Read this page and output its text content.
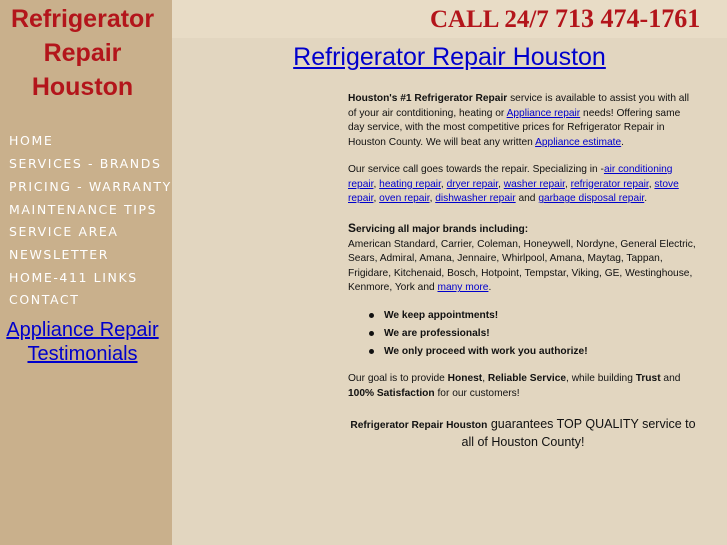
Refrigerator
Repair
Houston
HOME
SERVICES - BRANDS
PRICING - WARRANTY
MAINTENANCE TIPS
SERVICE AREA
NEWSLETTER
HOME-411 LINKS
CONTACT
Appliance Repair
Testimonials
CALL 24/7 713 474-1761
Refrigerator Repair Houston
Houston's #1 Refrigerator Repair service is available to assist you with all of your air contditioning, heating or Appliance repair needs! Offering same day service, with the most competitive prices for Refrigerator Repair in Houston County. We will beat any written Appliance estimate.
Our service call goes towards the repair. Specializing in -air conditioning repair, heating repair, dryer repair, washer repair, refrigerator repair, stove repair, oven repair, dishwasher repair and garbage disposal repair.
Servicing all major brands including:
American Standard, Carrier, Coleman, Honeywell, Nordyne, General Electric, Sears, Admiral, Amana, Jennaire, Whirlpool, Amana, Maytag, Tappan, Frigidare, Kitchenaid, Bosch, Hotpoint, Tempstar, Viking, GE, Westinghouse, Kenmore, York and many more.
We keep appointments!
We are professionals!
We only proceed with work you authorize!
Our goal is to provide Honest, Reliable Service, while building Trust and 100% Satisfaction for our customers!
Refrigerator Repair Houston guarantees TOP QUALITY service to all of Houston County!
